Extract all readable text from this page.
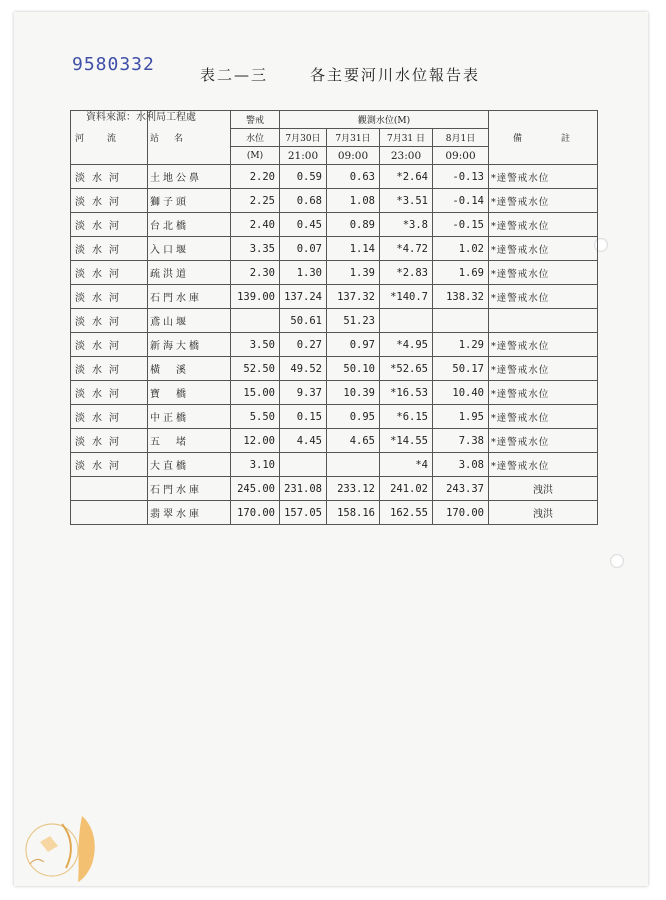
9580332	表二—三	各主要河川水位報告表
資料來源：水利局工程處
河　流	站　名	警戒	觀測水位(M)				備　　　註
		水位	7月30日	7月31日	7月31 日	8月1日	
		(M)	21:00	09:00	23:00	09:00	
淡水河	土地公鼻	2.20	0.59	0.63	*2.64	-0.13	*達警戒水位
淡水河	獅子頭	2.25	0.68	1.08	*3.51	-0.14	*達警戒水位
淡水河	台北橋	2.40	0.45	0.89	*3.8	-0.15	*達警戒水位
淡水河	入口堰	3.35	0.07	1.14	*4.72	1.02	*達警戒水位
淡水河	疏洪道	2.30	1.30	1.39	*2.83	1.69	*達警戒水位
淡水河	石門水庫	139.00	137.24	137.32	*140.7	138.32	*達警戒水位
淡水河	鳶山堰		50.61	51.23			
淡水河	新海大橋	3.50	0.27	0.97	*4.95	1.29	*達警戒水位
淡水河	橫　溪	52.50	49.52	50.10	*52.65	50.17	*達警戒水位
淡水河	寶　橋	15.00	9.37	10.39	*16.53	10.40	*達警戒水位
淡水河	中正橋	5.50	0.15	0.95	*6.15	1.95	*達警戒水位
淡水河	五　堵	12.00	4.45	4.65	*14.55	7.38	*達警戒水位
淡水河	大直橋	3.10			*4	3.08	*達警戒水位
	石門水庫	245.00	231.08	233.12	241.02	243.37	洩洪
	翡翠水庫	170.00	157.05	158.16	162.55	170.00	洩洪
